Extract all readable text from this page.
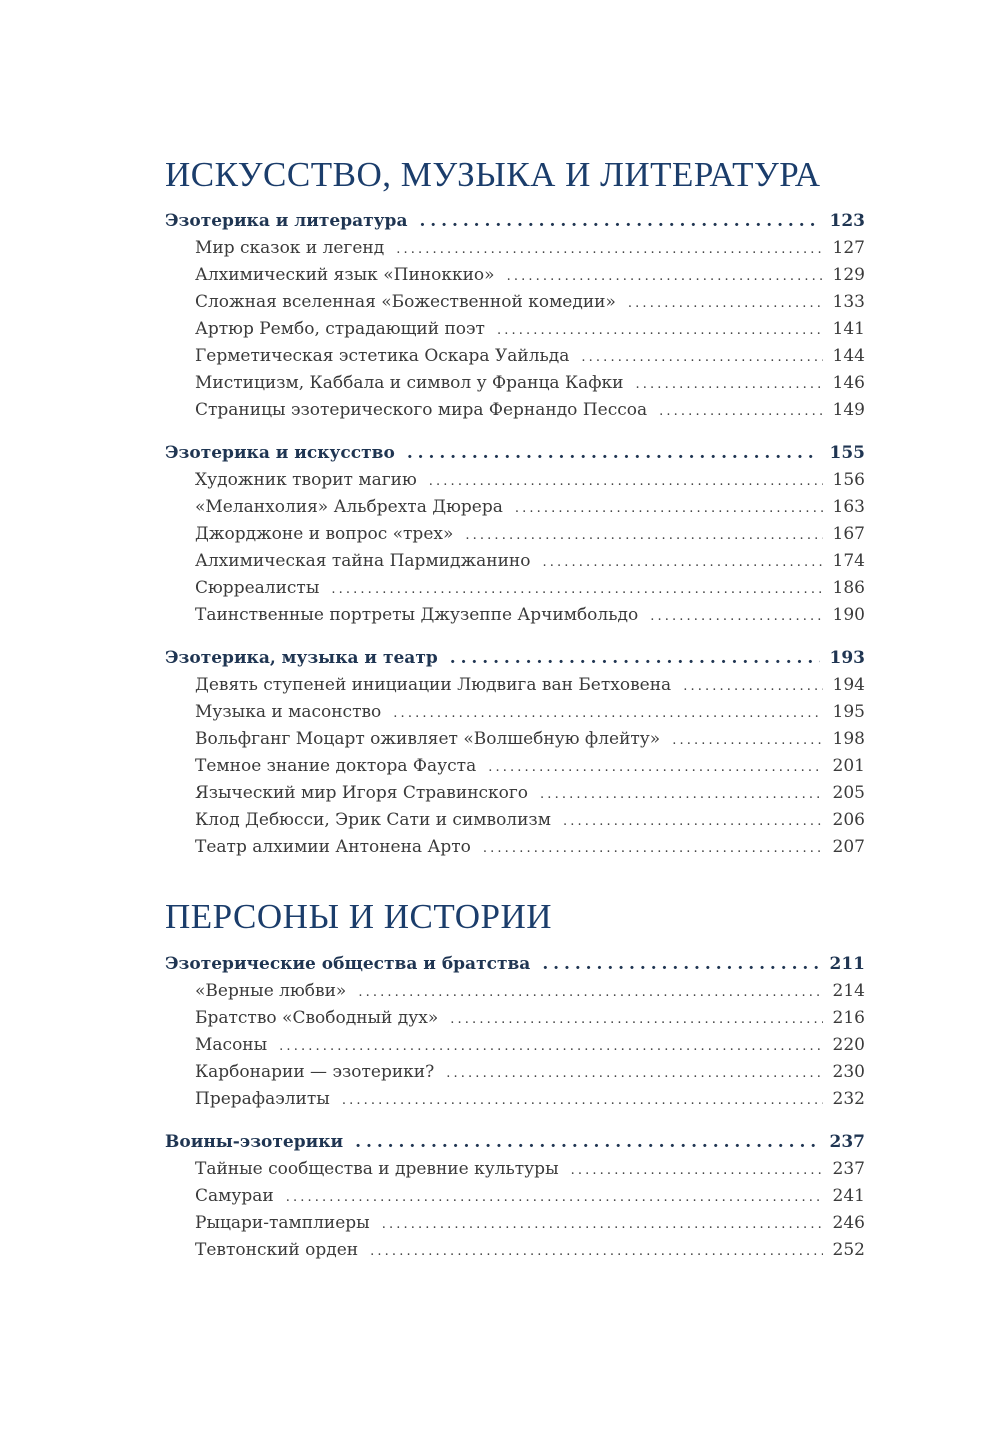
ИСКУССТВО, МУЗЫКА И ЛИТЕРАТУРА
Эзотерика и литература . . .	123
Мир сказок и легенд . . .	127
Алхимический язык «Пиноккио» . . .	129
Сложная вселенная «Божественной комедии» . . .	133
Артюр Рембо, страдающий поэт . . .	141
Герметическая эстетика Оскара Уайльда . . .	144
Мистицизм, Каббала и символ у Франца Кафки . . .	146
Страницы эзотерического мира Фернандо Пессоа . . .	149
Эзотерика и искусство . . .	155
Художник творит магию . . .	156
«Меланхолия» Альбрехта Дюрера . . .	163
Джорджоне и вопрос «трех» . . .	167
Алхимическая тайна Пармиджанино . . .	174
Сюрреалисты . . .	186
Таинственные портреты Джузеппе Арчимбольдо . . .	190
Эзотерика, музыка и театр . . .	193
Девять ступеней инициации Людвига ван Бетховена . . .	194
Музыка и масонство . . .	195
Вольфганг Моцарт оживляет «Волшебную флейту» . . .	198
Темное знание доктора Фауста . . .	201
Языческий мир Игоря Стравинского . . .	205
Клод Дебюсси, Эрик Сати и символизм . . .	206
Театр алхимии Антонена Арто . . .	207
ПЕРСОНЫ И ИСТОРИИ
Эзотерические общества и братства . . .	211
«Верные любви» . . .	214
Братство «Свободный дух» . . .	216
Масоны . . .	220
Карбонарии — эзотерики? . . .	230
Прерафаэлиты . . .	232
Воины-эзотерики . . .	237
Тайные сообщества и древние культуры . . .	237
Самураи . . .	241
Рыцари-тамплиеры . . .	246
Тевтонский орден . . .	252
